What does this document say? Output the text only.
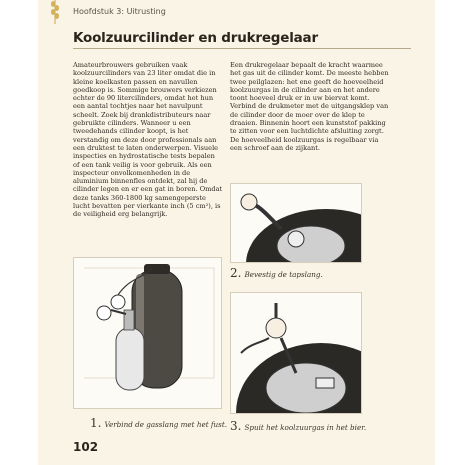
Hoofdstuk 3: Uitrusting
Koolzuurcilinder en drukregelaar

Amateurbrouwers gebruiken vaak koolzuurcilinders van 23 liter omdat die in kleine koelkasten passen en navullen goedkoop is. Sommige brouwers verkiezen echter de 90 litercilinders, omdat het hun een aantal tochtjes naar het navulpunt scheelt. Zoek bij drankdistributeurs naar gebruikte cilinders. Wanneer u een tweedehands cilinder koopt, is het verstandig om deze door professionals aan een druktest te laten onderwerpen. Visuele inspecties en hydrostatische tests bepalen of een tank veilig is voor gebruik. Als een inspecteur onvolkomenheden in de aluminium binnenfles ontdekt, zal hij de cilinder legen en er een gat in boren. Omdat deze tanks 360-1800 kg samengeperste lucht bevatten per vierkante inch (5 cm²), is de veiligheid erg belangrijk.

Een drukregelaar bepaalt de kracht waarmee het gas uit de cilinder komt. De meeste hebben twee peilglazen: het ene geeft de hoeveelheid koolzuurgas in de cilinder aan en het andere toont hoeveel druk er in uw biervat komt. Verbind de drukmeter met de uitgangsklep van de cilinder door de moer over de klep te draaien. Binnenin hoort een kunststof pakking te zitten voor een luchtdichte afsluiting zorgt. De hoeveelheid koolzuurgas is regelbaar via een schroef aan de zijkant.

1. Verbind de gasslang met het fust.
2. Bevestig de tapslang.
3. Spuit het koolzuurgas in het bier.
102
